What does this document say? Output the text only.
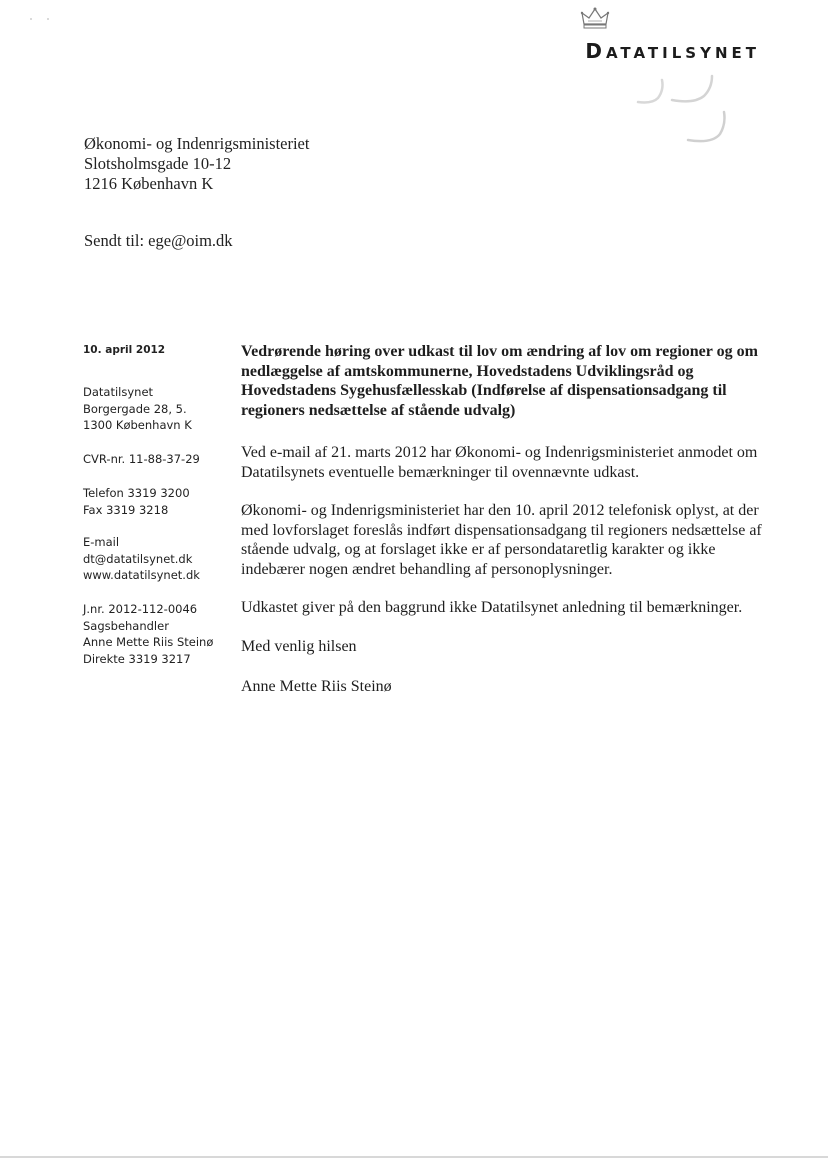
DATATILSYNET
Økonomi- og Indenrigsministeriet
Slotsholmsgade 10-12
1216 København K
Sendt til: ege@oim.dk
10. april 2012
Datatilsynet
Borgergade 28, 5.
1300 København K
CVR-nr. 11-88-37-29
Telefon 3319 3200
Fax 3319 3218
E-mail
dt@datatilsynet.dk
www.datatilsynet.dk
J.nr. 2012-112-0046
Sagsbehandler
Anne Mette Riis Steinø
Direkte 3319 3217

Vedrørende høring over udkast til lov om ændring af lov om regioner og om nedlæggelse af amtskommunerne, Hovedstadens Udviklingsråd og Hovedstadens Sygehusfællesskab (Indførelse af dispensationsadgang til regioners nedsættelse af stående udvalg)

Ved e-mail af 21. marts 2012 har Økonomi- og Indenrigsministeriet anmodet om Datatilsynets eventuelle bemærkninger til ovennævnte udkast.

Økonomi- og Indenrigsministeriet har den 10. april 2012 telefonisk oplyst, at der med lovforslaget foreslås indført dispensationsadgang til regioners nedsættelse af stående udvalg, og at forslaget ikke er af persondataretlig karakter og ikke indebærer nogen ændret behandling af personoplysninger.

Udkastet giver på den baggrund ikke Datatilsynet anledning til bemærkninger.

Med venlig hilsen

Anne Mette Riis Steinø
